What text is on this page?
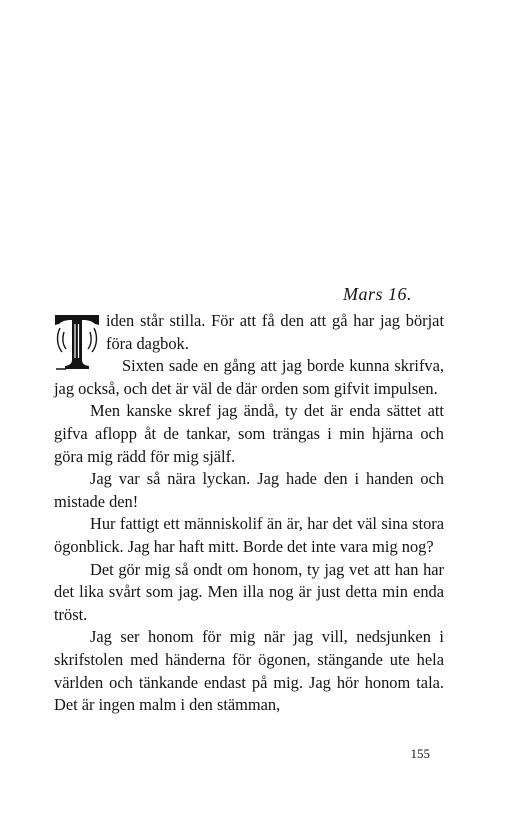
Mars 16.

iden står stilla. För att få den att gå har jag börjat föra dagbok.
Sixten sade en gång att jag borde kunna skrifva, jag också, och det är väl de där orden som gifvit impulsen.

Men kanske skref jag ändå, ty det är enda sättet att gifva aflopp åt de tankar, som trängas i min hjärna och göra mig rädd för mig själf.

Jag var så nära lyckan. Jag hade den i handen och mistade den!

Hur fattigt ett människolif än är, har det väl sina stora ögonblick. Jag har haft mitt. Borde det inte vara mig nog?

Det gör mig så ondt om honom, ty jag vet att han har det lika svårt som jag. Men illa nog är just detta min enda tröst.

Jag ser honom för mig när jag vill, nedsjunken i skrifstolen med händerna för ögonen, stängande ute hela världen och tänkande endast på mig. Jag hör honom tala. Det är ingen malm i den stämman,

155
